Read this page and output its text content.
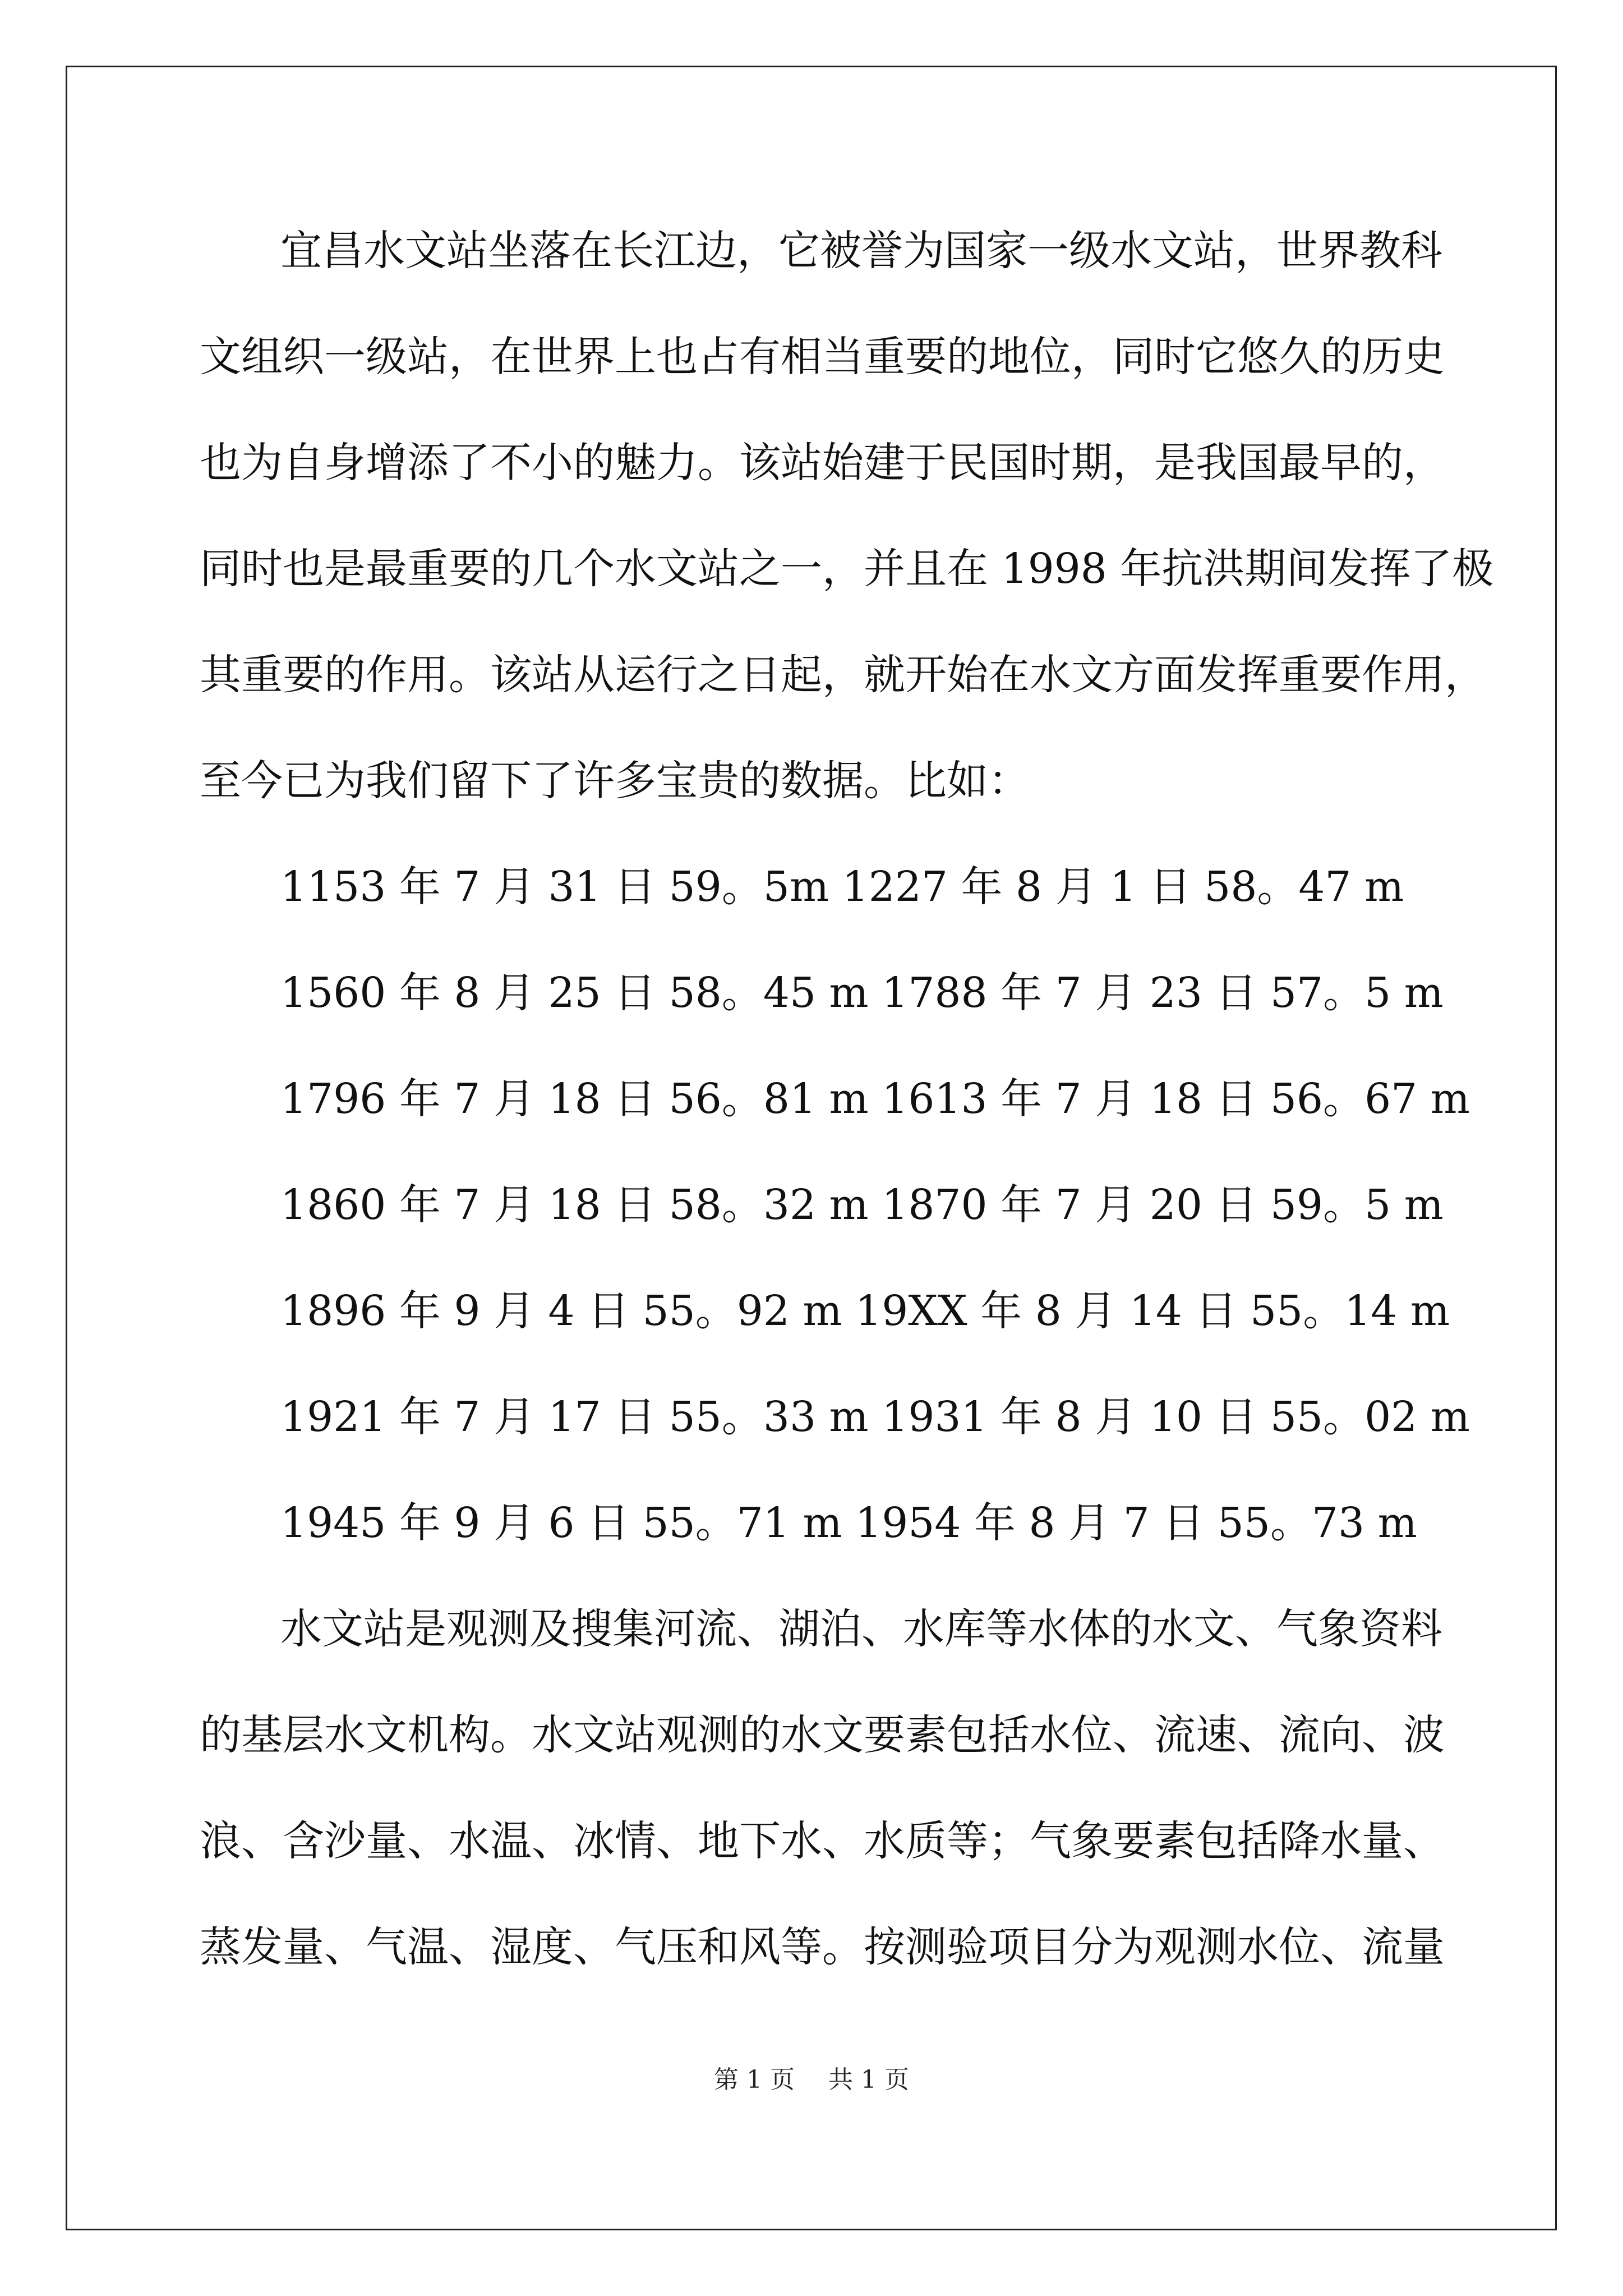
宜昌水文站坐落在长江边，它被誉为国家一级水文站，世界教科
文组织一级站，在世界上也占有相当重要的地位，同时它悠久的历史
也为自身增添了不小的魅力。该站始建于民国时期，是我国最早的，
同时也是最重要的几个水文站之一，并且在 1998 年抗洪期间发挥了极
其重要的作用。该站从运行之日起，就开始在水文方面发挥重要作用，
至今已为我们留下了许多宝贵的数据。比如：
1153 年 7 月 31 日 59。5m 1227 年 8 月 1 日 58。47 m
1560 年 8 月 25 日 58。45 m 1788 年 7 月 23 日 57。5 m
1796 年 7 月 18 日 56。81 m 1613 年 7 月 18 日 56。67 m
1860 年 7 月 18 日 58。32 m 1870 年 7 月 20 日 59。5 m
1896 年 9 月 4 日 55。92 m 19XX 年 8 月 14 日 55。14 m
1921 年 7 月 17 日 55。33 m 1931 年 8 月 10 日 55。02 m
1945 年 9 月 6 日 55。71 m 1954 年 8 月 7 日 55。73 m
水文站是观测及搜集河流、湖泊、水库等水体的水文、气象资料
的基层水文机构。水文站观测的水文要素包括水位、流速、流向、波
浪、含沙量、水温、冰情、地下水、水质等；气象要素包括降水量、
蒸发量、气温、湿度、气压和风等。按测验项目分为观测水位、流量
第 1 页 共 1 页
